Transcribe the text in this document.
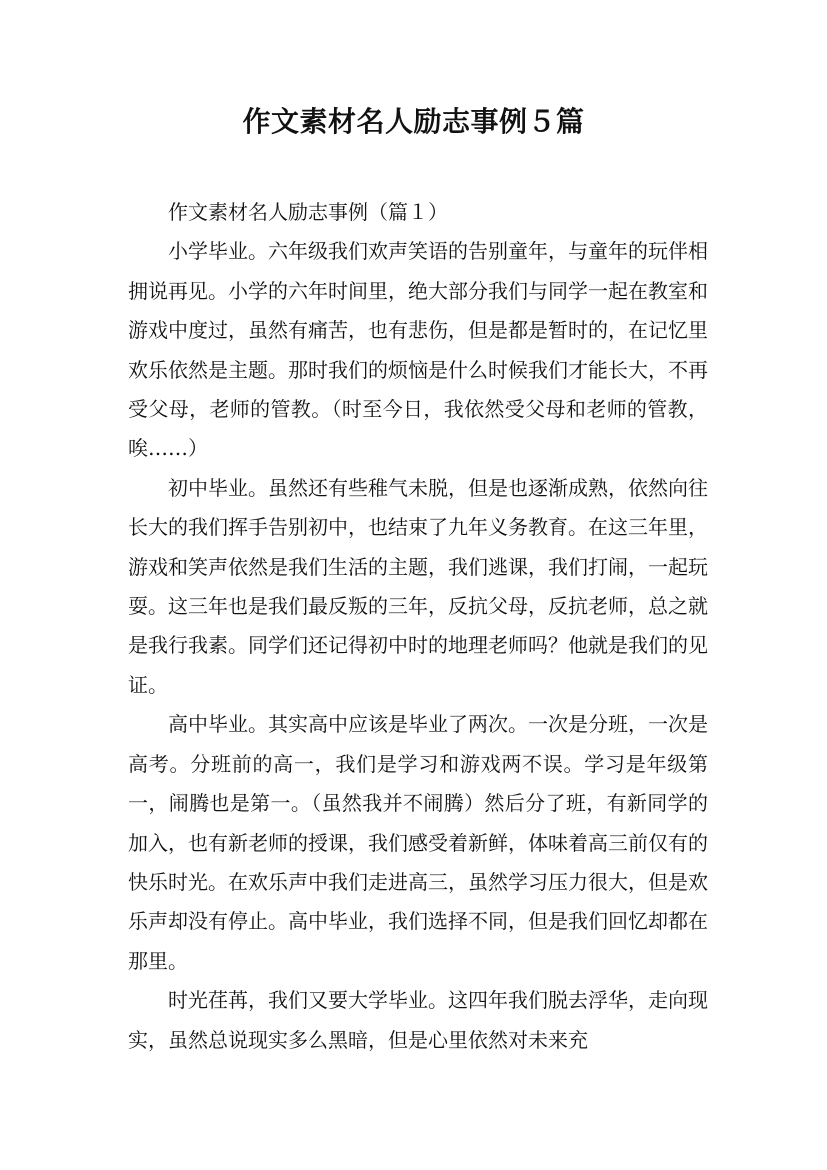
作文素材名人励志事例５篇

作文素材名人励志事例（篇１）

小学毕业。六年级我们欢声笑语的告别童年，与童年的玩伴相拥说再见。小学的六年时间里，绝大部分我们与同学一起在教室和游戏中度过，虽然有痛苦，也有悲伤，但是都是暂时的，在记忆里欢乐依然是主题。那时我们的烦恼是什么时候我们才能长大，不再受父母，老师的管教。（时至今日，我依然受父母和老师的管教，唉……）

初中毕业。虽然还有些稚气未脱，但是也逐渐成熟，依然向往长大的我们挥手告别初中，也结束了九年义务教育。在这三年里，游戏和笑声依然是我们生活的主题，我们逃课，我们打闹，一起玩耍。这三年也是我们最反叛的三年，反抗父母，反抗老师，总之就是我行我素。同学们还记得初中时的地理老师吗？他就是我们的见证。

高中毕业。其实高中应该是毕业了两次。一次是分班，一次是高考。分班前的高一，我们是学习和游戏两不误。学习是年级第一，闹腾也是第一。（虽然我并不闹腾）然后分了班，有新同学的加入，也有新老师的授课，我们感受着新鲜，体味着高三前仅有的快乐时光。在欢乐声中我们走进高三，虽然学习压力很大，但是欢乐声却没有停止。高中毕业，我们选择不同，但是我们回忆却都在那里。

时光荏苒，我们又要大学毕业。这四年我们脱去浮华，走向现实，虽然总说现实多么黑暗，但是心里依然对未来充
